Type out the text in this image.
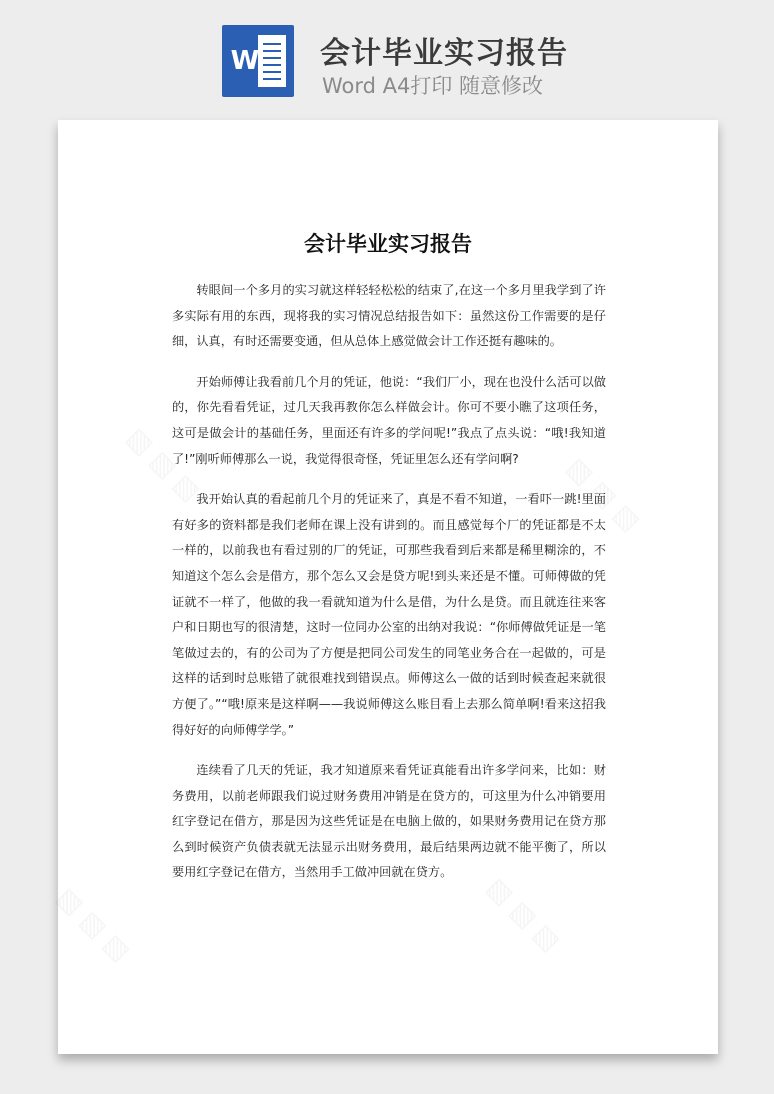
W 会计毕业实习报告
Word A4打印 随意修改
▧ ▧ ▧	▧ ▧ ▧
▧ ▧ ▧	▧ ▧ ▧
会计毕业实习报告

转眼间一个多月的实习就这样轻轻松松的结束了,在这一个多月里我学到了许多实际有用的东西，现将我的实习情况总结报告如下：虽然这份工作需要的是仔细，认真，有时还需要变通，但从总体上感觉做会计工作还挺有趣味的。

开始师傅让我看前几个月的凭证，他说：“我们厂小，现在也没什么活可以做的，你先看看凭证，过几天我再教你怎么样做会计。你可不要小瞧了这项任务，这可是做会计的基础任务，里面还有许多的学问呢!”我点了点头说：“哦!我知道了!”刚听师傅那么一说，我觉得很奇怪，凭证里怎么还有学问啊?

我开始认真的看起前几个月的凭证来了，真是不看不知道，一看吓一跳!里面有好多的资料都是我们老师在课上没有讲到的。而且感觉每个厂的凭证都是不太一样的，以前我也有看过别的厂的凭证，可那些我看到后来都是稀里糊涂的，不知道这个怎么会是借方，那个怎么又会是贷方呢!到头来还是不懂。可师傅做的凭证就不一样了，他做的我一看就知道为什么是借，为什么是贷。而且就连往来客户和日期也写的很清楚，这时一位同办公室的出纳对我说：“你师傅做凭证是一笔笔做过去的，有的公司为了方便是把同公司发生的同笔业务合在一起做的，可是这样的话到时总账错了就很难找到错误点。师傅这么一做的话到时候查起来就很方便了。”“哦!原来是这样啊——我说师傅这么账目看上去那么简单啊!看来这招我得好好的向师傅学学。”

连续看了几天的凭证，我才知道原来看凭证真能看出许多学问来，比如：财务费用，以前老师跟我们说过财务费用冲销是在贷方的，可这里为什么冲销要用红字登记在借方，那是因为这些凭证是在电脑上做的，如果财务费用记在贷方那么到时候资产负债表就无法显示出财务费用，最后结果两边就不能平衡了，所以要用红字登记在借方，当然用手工做冲回就在贷方。
